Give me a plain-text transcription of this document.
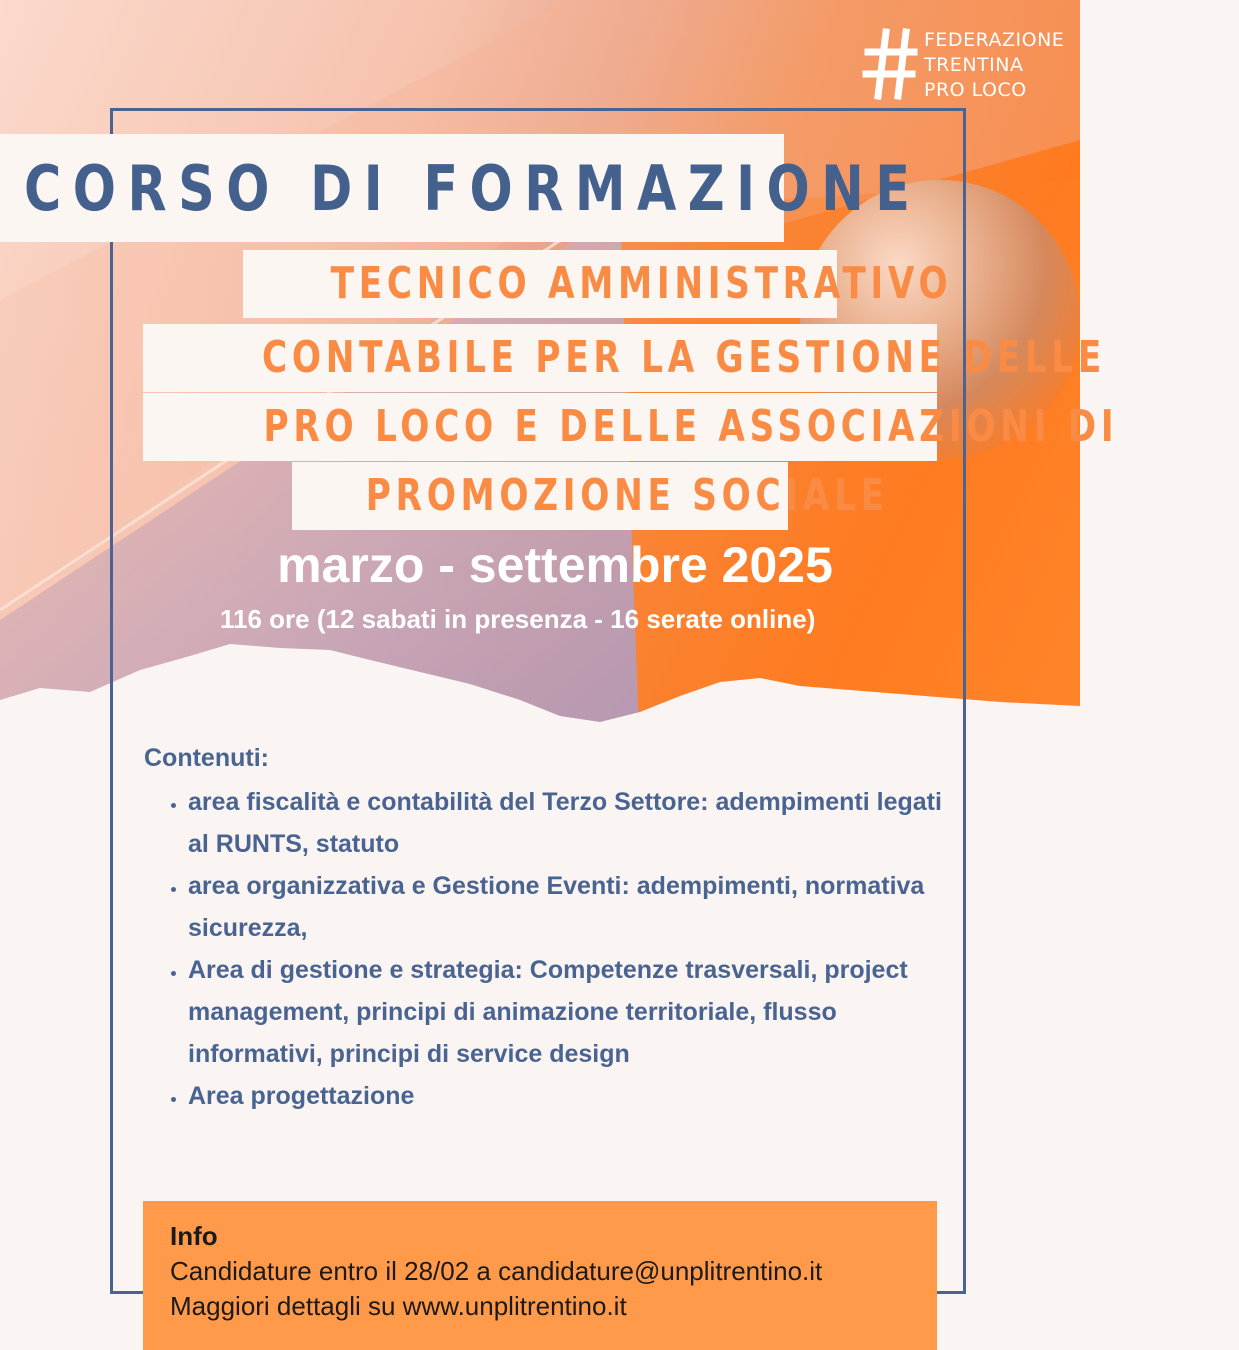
FEDERAZIONE
TRENTINA
PRO LOCO
CORSO DI FORMAZIONE
TECNICO AMMINISTRATIVO
CONTABILE PER LA GESTIONE DELLE
PRO LOCO E DELLE ASSOCIAZIONI DI
PROMOZIONE SOCIALE
marzo - settembre 2025
116 ore (12 sabati in presenza - 16 serate online)
Contenuti:
• area fiscalità e contabilità del Terzo Settore: adempimenti legati al RUNTS, statuto
• area organizzativa e Gestione Eventi: adempimenti, normativa sicurezza,
• Area di gestione e strategia: Competenze trasversali, project management, principi di animazione territoriale, flusso informativi, principi di service design
• Area progettazione
Info
Candidature entro il 28/02 a candidature@unplitrentino.it
Maggiori dettagli su www.unplitrentino.it
